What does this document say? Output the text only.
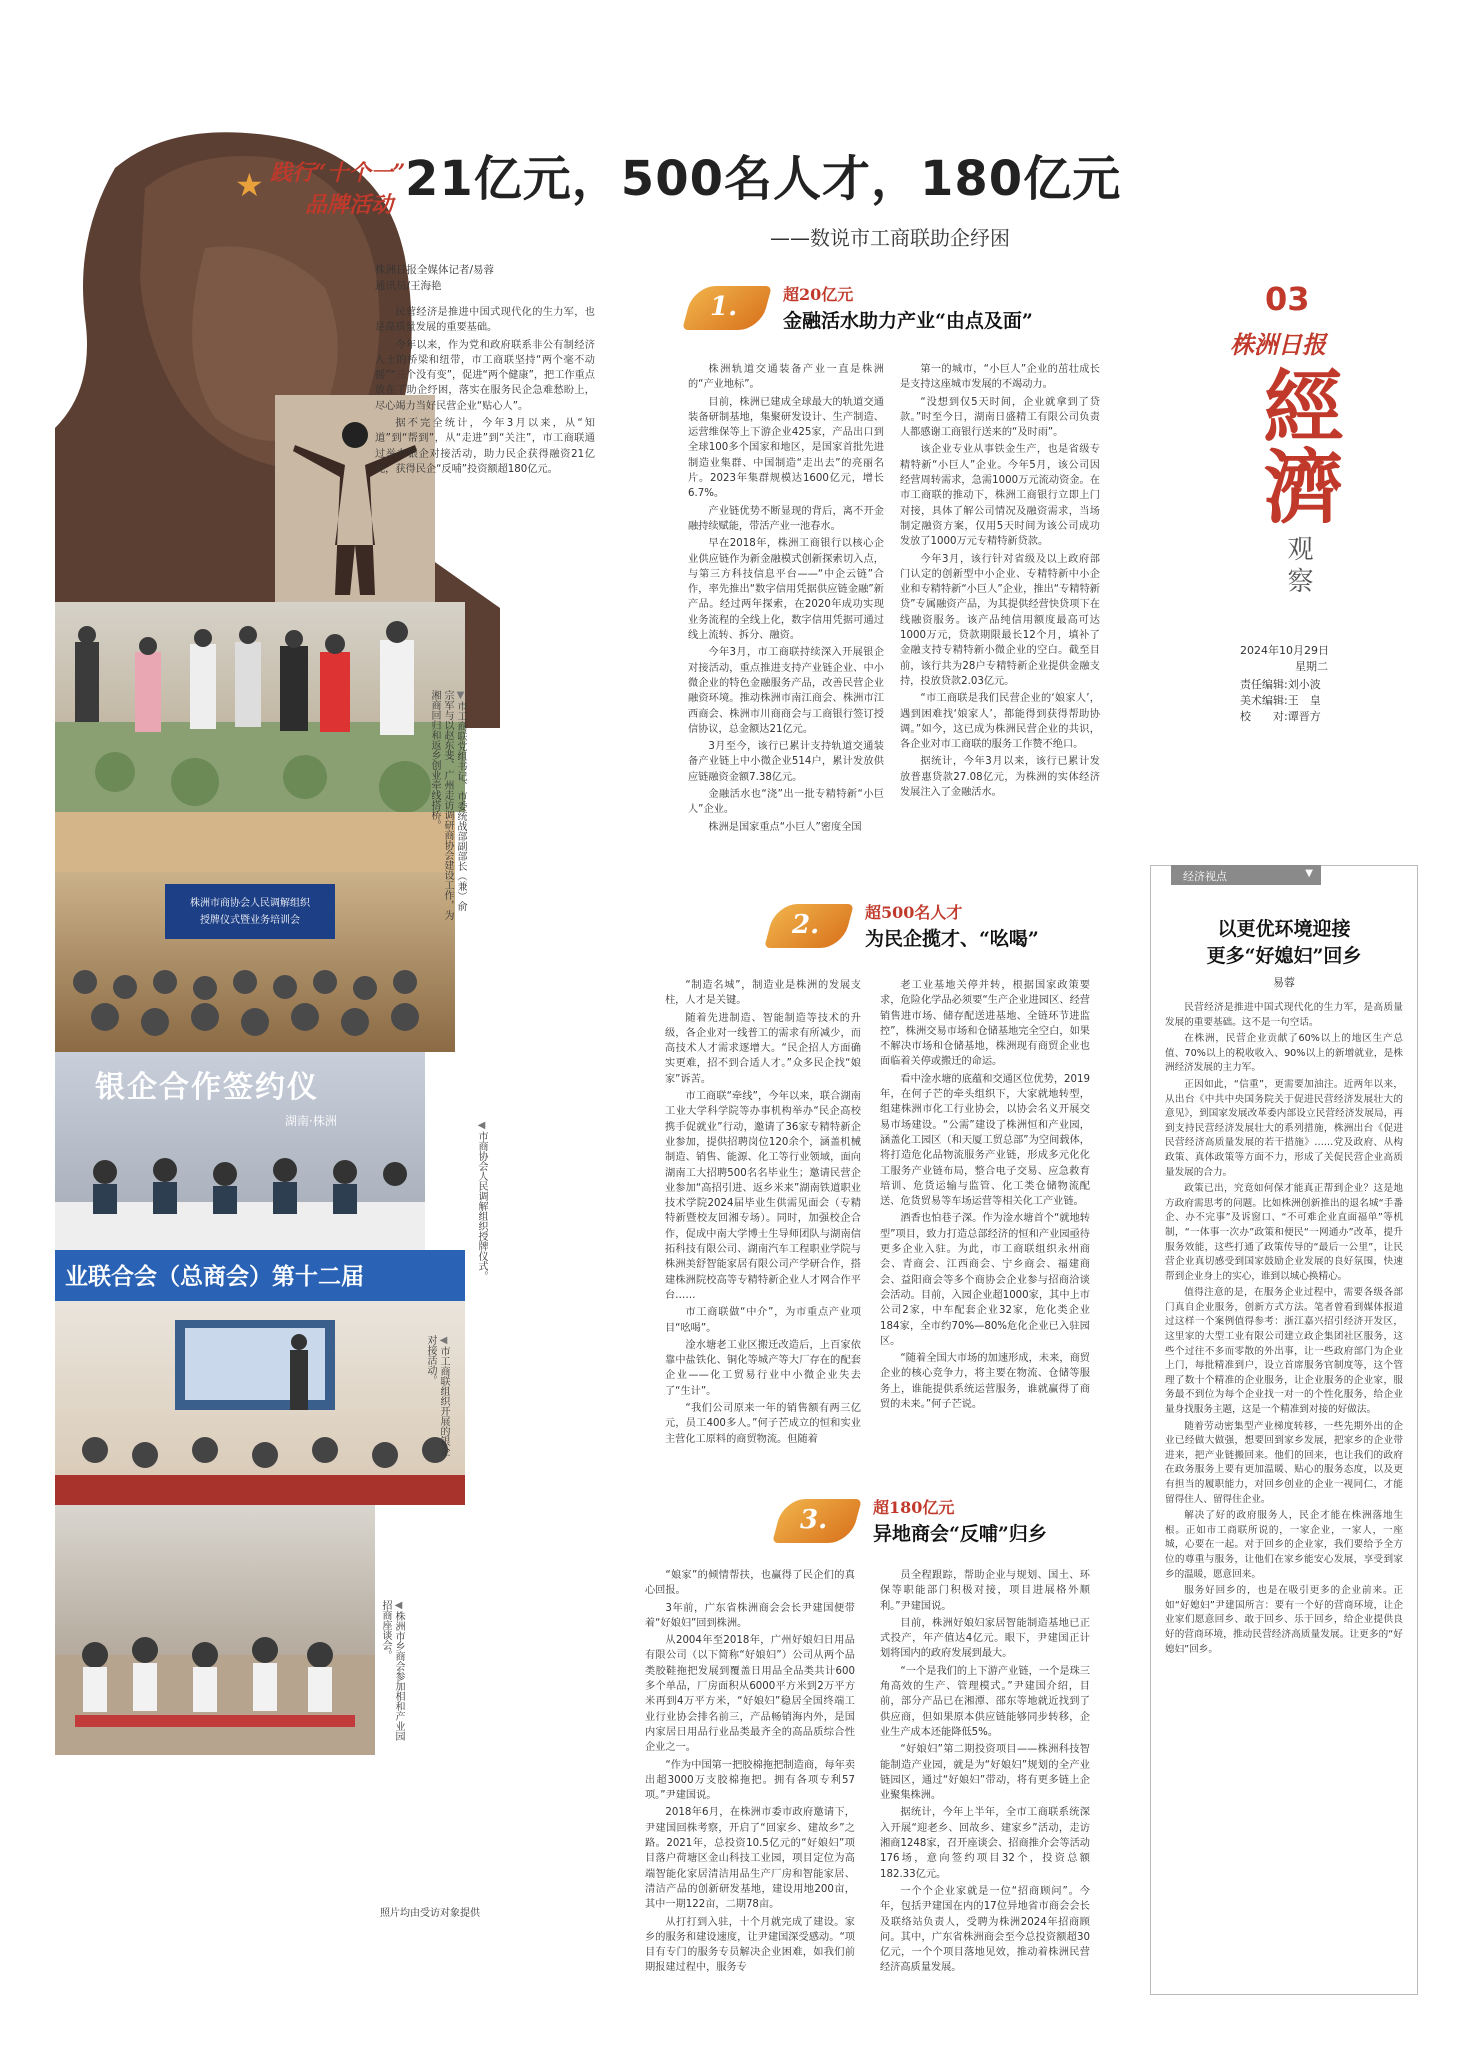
株洲市商协会人民调解组织
授牌仪式暨业务培训会
银企合作签约仪
湖南·株洲
业联合会（总商会）第十二届
▼市工商联党组书记、市委统战部副部长（兼）俞宗军与以赵东斐、广州走访调研商协会建设工作，为湘商回归和返乡创业牵线搭桥。
◀市商协会人民调解组织授牌仪式。
◀市工商联组织开展的银企对接活动。
◀株洲市乡商会参加相和产业园招商座谈会。
照片均由受访对象提供
★ 践行“十个一”
品牌活动 21亿元，500名人才，180亿元
——数说市工商联助企纾困
株洲日报全媒体记者/易蓉
通讯员/王海艳

民营经济是推进中国式现代化的生力军，也是高质量发展的重要基础。

今年以来，作为党和政府联系非公有制经济人士的桥梁和纽带，市工商联坚持“两个毫不动摇”“三个没有变”，促进“两个健康”，把工作重点放在了助企纾困，落实在服务民企急难愁盼上，尽心竭力当好民营企业“贴心人”。

据不完全统计，今年3月以来，从“知道”到“帮到”，从“走进”到“关注”，市工商联通过举办银企对接活动，助力民企获得融资21亿元，获得民企“反哺”投资额超180亿元。

03
株洲日报
經濟
观察
2024年10月29日
星期二
责任编辑:刘小波
美术编辑:王　皇
校　　对:谭晋方
1.	超20亿元
金融活水助力产业“由点及面”

株洲轨道交通装备产业一直是株洲的“产业地标”。

目前，株洲已建成全球最大的轨道交通装备研制基地，集聚研发设计、生产制造、运营维保等上下游企业425家，产品出口到全球100多个国家和地区，是国家首批先进制造业集群、中国制造“走出去”的亮丽名片。2023年集群规模达1600亿元，增长6.7%。

产业链优势不断显现的背后，离不开金融持续赋能，带活产业一池春水。

早在2018年，株洲工商银行以核心企业供应链作为新金融模式创新探索切入点，与第三方科技信息平台——“中企云链”合作，率先推出“数字信用凭据供应链金融”新产品。经过两年探索，在2020年成功实现业务流程的全线上化，数字信用凭据可通过线上流转、拆分、融资。

今年3月，市工商联持续深入开展银企对接活动，重点推进支持产业链企业、中小微企业的特色金融服务产品，改善民营企业融资环境。推动株洲市南江商会、株洲市江西商会、株洲市川商商会与工商银行签订授信协议，总金额达21亿元。

3月至今，该行已累计支持轨道交通装备产业链上中小微企业514户，累计发放供应链融资金额7.38亿元。

金融活水也“浇”出一批专精特新“小巨人”企业。

株洲是国家重点“小巨人”密度全国

第一的城市，“小巨人”企业的茁壮成长是支持这座城市发展的不竭动力。

“没想到仅5天时间，企业就拿到了贷款。”时至今日，湖南日盛精工有限公司负责人都感谢工商银行送来的“及时雨”。

该企业专业从事铁金生产，也是省级专精特新“小巨人”企业。今年5月，该公司因经营周转需求，急需1000万元流动资金。在市工商联的推动下，株洲工商银行立即上门对接，具体了解公司情况及融资需求，当场制定融资方案，仅用5天时间为该公司成功发放了1000万元专精特新贷款。

今年3月，该行针对省级及以上政府部门认定的创新型中小企业、专精特新中小企业和专精特新“小巨人”企业，推出“专精特新贷”专属融资产品，为其提供经营快贷项下在线融资服务。该产品纯信用额度最高可达1000万元，贷款期限最长12个月，填补了金融支持专精特新小微企业的空白。截至目前，该行共为28户专精特新企业提供金融支持，投放贷款2.03亿元。

“市工商联是我们民营企业的‘娘家人’，遇到困难找‘娘家人’，都能得到获得帮助协调。”如今，这已成为株洲民营企业的共识，各企业对市工商联的服务工作赞不绝口。

据统计，今年3月以来，该行已累计发放普惠贷款27.08亿元，为株洲的实体经济发展注入了金融活水。

2.	超500名人才
为民企揽才、“吆喝”

“制造名城”，制造业是株洲的发展支柱，人才是关键。

随着先进制造、智能制造等技术的升级，各企业对一线普工的需求有所减少，而高技术人才需求逐增大。“民企招人方面确实更难，招不到合适人才。”众多民企找“娘家”诉苦。

市工商联“牵线”，今年以来，联合湖南工业大学科学院等办事机构举办“民企高校携手促就业”行动，邀请了36家专精特新企业参加，提供招聘岗位120余个，涵盖机械制造、销售、能源、化工等行业领域，面向湖南工大招聘500名名毕业生；邀请民营企业参加“高招引进、返乡米来”湖南铁道职业技术学院2024届毕业生供需见面会（专精特新暨校友回湘专场）。同时，加强校企合作，促成中南大学博士生导师团队与湖南信拓科技有限公司、湖南汽车工程职业学院与株洲美舒智能家居有限公司产学研合作，搭建株洲院校高等专精特新企业人才网合作平台……

市工商联做“中介”，为市重点产业项目“吆喝”。

淦水塘老工业区搬迁改造后，上百家依靠中盐铁化、铜化等城产等大厂存在的配套企业——化工贸易行业中小微企业失去了“生计”。

“我们公司原来一年的销售额有两三亿元，员工400多人。”何子芒成立的恒和实业主营化工原料的商贸物流。但随着

老工业基地关停并转，根据国家政策要求，危险化学品必须要“生产企业进园区、经营销售进市场、储存配送进基地、全链环节进监控”，株洲交易市场和仓储基地完全空白，如果不解决市场和仓储基地，株洲现有商贸企业也面临着关停或搬迁的命运。

看中淦水塘的底蕴和交通区位优势，2019年，在何子芒的牵头组织下，大家就地转型，组建株洲市化工行业协会，以协会名义开展交易市场建设。“公需”建设了株洲恒和产业园，涵盖化工园区（和天厦工贸总部”为空间载体，将打造危化品物流服务产业链，形成多元化化工服务产业链布局，整合电子交易、应急救育培训、危货运输与监管、化工类仓储物流配送、危货贸易等车场运营等相关化工产业链。

酒香也怕巷子深。作为淦水塘首个“就地转型”项目，致力打造总部经济的恒和产业园亟待更多企业入驻。为此，市工商联组织永州商会、青商会、江西商会、宁乡商会、福建商会、益阳商会等多个商协会企业参与招商洽谈会活动。目前，入园企业超1000家，其中上市公司2家，中车配套企业32家，危化类企业184家，全市约70%—80%危化企业已入驻园区。

“随着全国大市场的加速形成，未来，商贸企业的核心竞争力，将主要在物流、仓储等服务上，谁能提供系统运营服务，谁就赢得了商贸的未来。”何子芒说。

3.	超180亿元
异地商会“反哺”归乡

“娘家”的倾情帮扶，也赢得了民企们的真心回报。

3年前，广东省株洲商会会长尹建国便带着“好娘妇”回到株洲。

从2004年至2018年，广州好娘妇日用品有限公司（以下简称“好娘妇”）公司从两个品类胶鞋拖把发展到覆盖日用品全品类共计600多个单品，厂房面积从6000平方米到2万平方米再到4万平方米，“好娘妇”稳居全国终端工业行业协会排名前三，产品畅销海内外，是国内家居日用品行业品类最齐全的高品质综合性企业之一。

“作为中国第一把胶棉拖把制造商，每年卖出超3000万支胶棉拖把。拥有各项专利57项。”尹建国说。

2018年6月，在株洲市委市政府邀请下，尹建国回株考察，开启了“回家乡、建故乡”之路。2021年，总投资10.5亿元的“好娘妇”项目落户荷塘区金山科技工业园，项目定位为高端智能化家居清洁用品生产厂房和智能家居、清洁产品的创新研发基地，建设用地200亩，其中一期122亩，二期78亩。

从打打到入驻，十个月就完成了建设。家乡的服务和建设速度，让尹建国深受感动。“项目有专门的服务专员解决企业困难，如我们前期报建过程中，服务专

员全程跟踪，帮助企业与规划、国土、环保等职能部门积极对接，项目进展格外顺利。”尹建国说。

目前，株洲好娘妇家居智能制造基地已正式投产，年产值达4亿元。眼下，尹建国正计划将国内的政府发展到最大。

“一个是我们的上下游产业链，一个是珠三角高效的生产、管理模式。”尹建国介绍，目前，部分产品已在湘潭、邵东等地就近找到了供应商，但如果原本供应链能够同步转移，企业生产成本还能降低5%。

“好娘妇”第二期投资项目——株洲科技智能制造产业园，就是为“好娘妇”规划的全产业链园区，通过“好娘妇”带动，将有更多链上企业聚集株洲。

据统计，今年上半年，全市工商联系统深入开展“迎老乡、回故乡、建家乡”活动，走访湘商1248家，召开座谈会、招商推介会等活动176场，意向签约项目32个，投资总额182.33亿元。

一个个企业家就是一位“招商顾问”。今年，包括尹建国在内的17位异地省市商会会长及联络站负责人，受聘为株洲2024年招商顾问。其中，广东省株洲商会至今总投资额超30亿元，一个个项目落地见效，推动着株洲民营经济高质量发展。

经济视点	▼
以更优环境迎接
更多“好媳妇”回乡
易蓉

民营经济是推进中国式现代化的生力军，是高质量发展的重要基础。这不是一句空话。

在株洲，民营企业贡献了60%以上的地区生产总值、70%以上的税收收入、90%以上的新增就业，是株洲经济发展的主力军。

正因如此，“信重”，更需要加油注。近两年以来，从出台《中共中央国务院关于促进民营经济发展壮大的意见》，到国家发展改革委内部设立民营经济发展局，再到支持民营经济发展壮大的系列措施，株洲出台《促进民营经济高质量发展的若干措施》……党及政府、从构政策、真体政策等方面不力，形成了关促民营企业高质量发展的合力。

政策已出，究竟如何保才能真正帮到企业？这是地方政府需思考的问题。比如株洲创新推出的退名城“手番企、办不完事”及诉窗口、“不可难企业直面福单”等机制，“一体事一次办”政策和便民“一网通办”改革，提升服务效能，这些打通了政策传导的“最后一公里”，让民营企业真切感受到国家鼓励企业发展的良好氛围，快速帮到企业身上的实心，谁到以城心换精心。

值得注意的是，在服务企业过程中，需要各级各部门真自企业服务，创新方式方法。笔者曾看到媒体报道过这样一个案例值得参考：浙江嘉兴招引经济开发区，这里家的大型工业有限公司建立政企集团社区服务，这些个过往不多而零散的外出事，让一些政府部门为企业上门，每批精准到户，设立首席服务官制度等，这个管理了数十个精准的企业服务，让企业服务的企业家，服务最不到位为每个企业找一对一的个性化服务，给企业量身找服务主题，这是一个精准到对接的好做法。

随着劳动密集型产业梯度转移，一些先期外出的企业已经做大做强，想要回到家乡发展，把家乡的企业带进来，把产业链搬回来。他们的回来，也让我们的政府在政务服务上要有更加温暖、贴心的服务态度，以及更有担当的履职能力，对回乡创业的企业一视同仁，才能留得住人、留得住企业。

解决了好的政府服务人，民企才能在株洲落地生根。正如市工商联所说的，一家企业，一家人，一座城，心要在一起。对于回乡的企业家，我们要给予全方位的尊重与服务，让他们在家乡能安心发展，享受到家乡的温暖，愿意回来。

服务好回乡的，也是在吸引更多的企业前来。正如“好媳妇”尹建国所言：要有一个好的营商环境，让企业家们愿意回乡、敢于回乡、乐于回乡，给企业提供良好的营商环境，推动民营经济高质量发展。让更多的“好媳妇”回乡。
